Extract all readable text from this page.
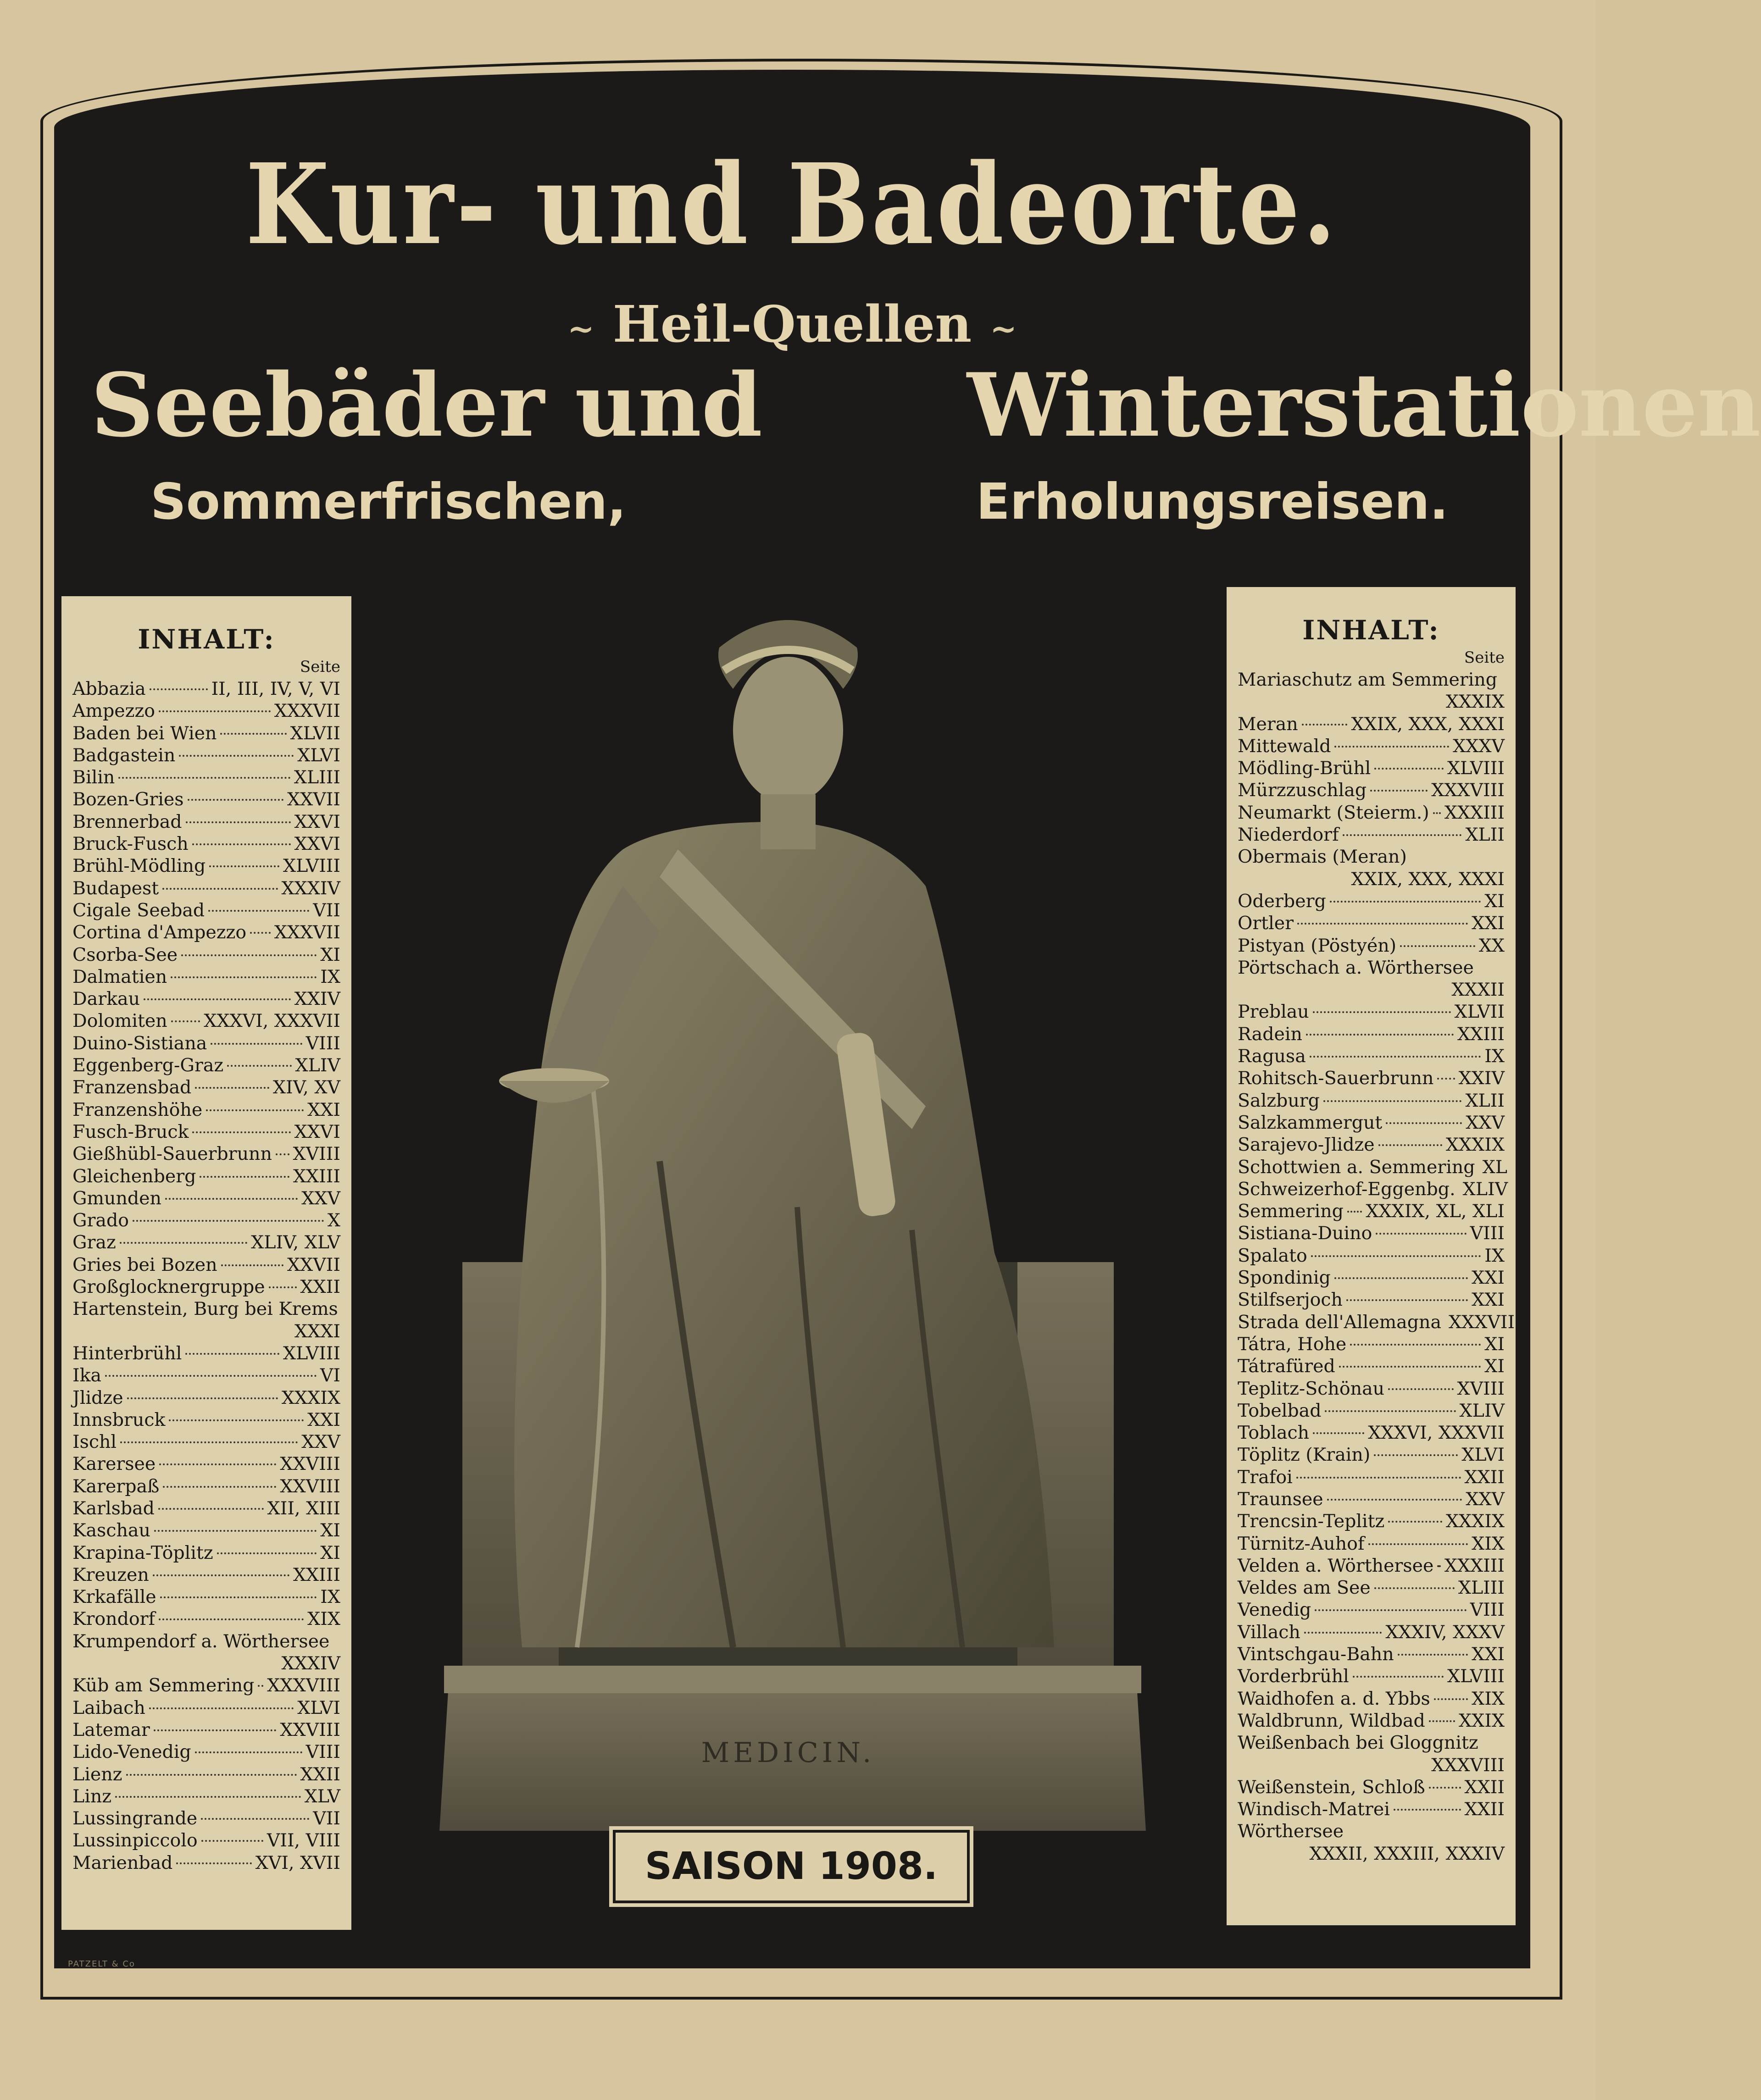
Kur- und Badeorte.
~ Heil-Quellen ~
Seebäder und Winterstationen
Sommerfrischen,	Erholungsreisen.
MEDICIN.
INHALT:
Seite
Abbazia	II, III, IV, V, VI
Ampezzo	XXXVII
Baden bei Wien	XLVII
Badgastein	XLVI
Bilin	XLIII
Bozen-Gries	XXVII
Brennerbad	XXVI
Bruck-Fusch	XXVI
Brühl-Mödling	XLVIII
Budapest	XXXIV
Cigale Seebad	VII
Cortina d'Ampezzo XXXVII
Csorba-See	XI
Dalmatien	IX
Darkau	XXIV
Dolomiten XXXVI, XXXVII
Duino-Sistiana	VIII
Eggenberg-Graz	XLIV
Franzensbad	XIV, XV
Franzenshöhe	XXI
Fusch-Bruck	XXVI
Gießhübl-Sauerbrunn XVIII
Gleichenberg	XXIII
Gmunden	XXV
Grado	X
Graz	XLIV, XLV
Gries bei Bozen	XXVII
Großglocknergruppe XXII
Hartenstein, Burg bei Krems
XXXI
Hinterbrühl	XLVIII
Ika	VI
Jlidze	XXXIX
Innsbruck	XXI
Ischl	XXV
Karersee	XXVIII
Karerpaß	XXVIII
Karlsbad	XII, XIII
Kaschau	XI
Krapina-Töplitz	XI
Kreuzen	XXIII
Krkafälle	IX
Krondorf	XIX
Krumpendorf a. Wörthersee
XXXIV
Küb am Semmering XXXVIII
Laibach	XLVI
Latemar	XXVIII
Lido-Venedig	VIII
Lienz	XXII
Linz	XLV
Lussingrande	VII
Lussinpiccolo	VII, VIII
Marienbad	XVI, XVII
INHALT:
Seite
Mariaschutz am Semmering
XXXIX
Meran	XXIX, XXX, XXXI
Mittewald	XXXV
Mödling-Brühl	XLVIII
Mürzzuschlag	XXXVIII
Neumarkt (Steierm.) XXXIII
Niederdorf	XLII
Obermais (Meran)
XXIX, XXX, XXXI
Oderberg	XI
Ortler	XXI
Pistyan (Pöstyén)	XX
Pörtschach a. Wörthersee
XXXII
Preblau	XLVII
Radein	XXIII
Ragusa	IX
Rohitsch-Sauerbrunn XXIV
Salzburg	XLII
Salzkammergut	XXV
Sarajevo-Jlidze	XXXIX
Schottwien a. Semmering XL
Schweizerhof-Eggenbg. XLIV
Semmering XXXIX, XL, XLI
Sistiana-Duino	VIII
Spalato	IX
Spondinig	XXI
Stilfserjoch	XXI
Strada dell'Allemagna XXXVII
Tátra, Hohe	XI
Tátrafüred	XI
Teplitz-Schönau	XVIII
Tobelbad	XLIV
Toblach	XXXVI, XXXVII
Töplitz (Krain)	XLVI
Trafoi	XXII
Traunsee	XXV
Trencsin-Teplitz	XXXIX
Türnitz-Auhof	XIX
Velden a. Wörthersee XXXIII
Veldes am See	XLIII
Venedig	VIII
Villach	XXXIV, XXXV
Vintschgau-Bahn	XXI
Vorderbrühl	XLVIII
Waidhofen a. d. Ybbs XIX
Waldbrunn, Wildbad XXIX
Weißenbach bei Gloggnitz
XXXVIII
Weißenstein, Schloß XXII
Windisch-Matrei	XXII
Wörthersee
XXXII, XXXIII, XXXIV
SAISON 1908.
PATZELT & Co
